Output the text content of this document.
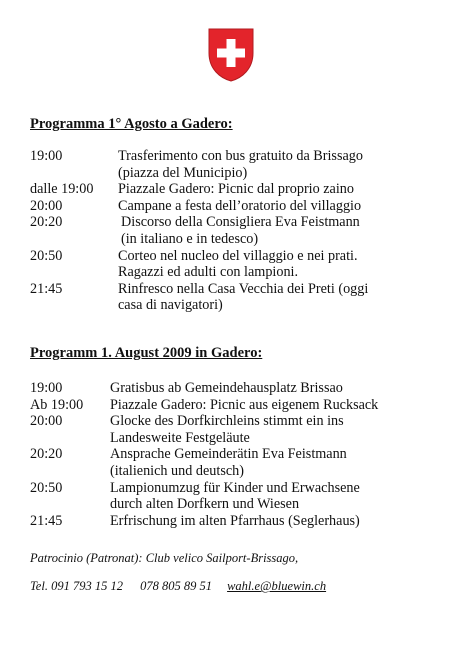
Programma 1° Agosto a Gadero:
19:00	Trasferimento con bus gratuito da Brissago
(piazza del Municipio)
dalle 19:00	Piazzale Gadero: Picnic dal proprio zaino
20:00	Campane a festa dell’oratorio del villaggio
20:20	Discorso della Consigliera Eva Feistmann
(in italiano e in tedesco)
20:50	Corteo nel nucleo del villaggio e nei prati.
Ragazzi ed adulti con lampioni.
21:45	Rinfresco nella Casa Vecchia dei Preti (oggi
casa di navigatori)
Programm 1. August 2009 in Gadero:
19:00	Gratisbus ab Gemeindehausplatz Brissao
Ab 19:00	Piazzale Gadero: Picnic aus eigenem Rucksack
20:00	Glocke des Dorfkirchleins stimmt ein ins
Landesweite Festgeläute
20:20	Ansprache Gemeinderätin Eva Feistmann
(italienich und deutsch)
20:50	Lampionumzug für Kinder und Erwachsene
durch alten Dorfkern und Wiesen
21:45	Erfrischung im alten Pfarrhaus (Seglerhaus)
Patrocinio (Patronat): Club velico Sailport-Brissago,
Tel. 091 793 15 12 078 805 89 51 wahl.e@bluewin.ch
